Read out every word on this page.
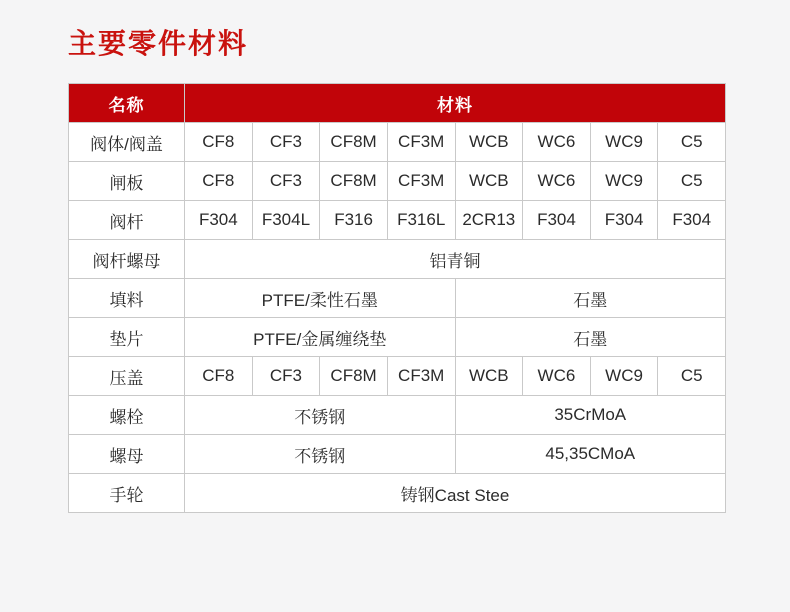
主要零件材料
名称	材料							
阀体/阀盖	CF8	CF3	CF8M	CF3M	WCB	WC6	WC9	C5
闸板	CF8	CF3	CF8M	CF3M	WCB	WC6	WC9	C5
阀杆	F304	F304L	F316	F316L	2CR13	F304	F304	F304
阀杆螺母	铝青铜							
填料	PTFE/柔性石墨				石墨			
垫片	PTFE/金属缠绕垫				石墨			
压盖	CF8	CF3	CF8M	CF3M	WCB	WC6	WC9	C5
螺栓	不锈钢				35CrMoA			
螺母	不锈钢				45,35CMoA			
手轮	铸钢Cast Stee							
